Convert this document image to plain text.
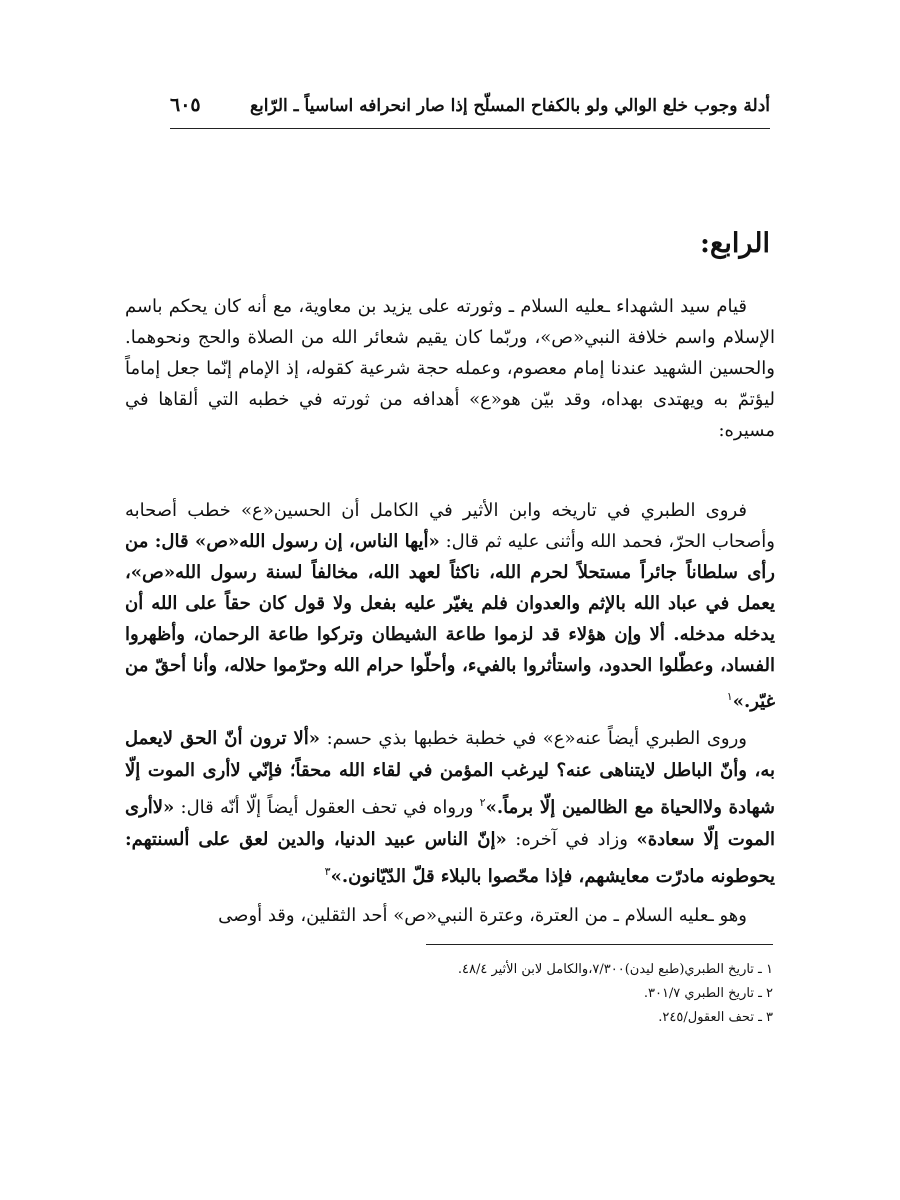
أدلة وجوب خلع الوالي ولو بالكفاح المسلّح إذا صار انحرافه اساسياً ـ الرّابع
٦٠٥
الرابع:
قيام سيد الشهداء ـعليه السلام ـ وثورته على يزيد بن معاوية، مع أنه كان يحكم باسم الإسلام واسم خلافة النبي«ص»، وربّما كان يقيم شعائر الله من الصلاة والحج ونحوهما. والحسين الشهيد عندنا إمام معصوم، وعمله حجة شرعية كقوله، إذ الإمام إنّما جعل إماماً ليؤتمّ به ويهتدى بهداه، وقد بيّن هو«ع» أهدافه من ثورته في خطبه التي ألقاها في مسيره:
فروى الطبري في تاريخه وابن الأثير في الكامل أن الحسين«ع» خطب أصحابه وأصحاب الحرّ، فحمد الله وأثنى عليه ثم قال: «أيها الناس، إن رسول الله«ص» قال: من رأى سلطاناً جائراً مستحلاً لحرم الله، ناكثاً لعهد الله، مخالفاً لسنة رسول الله«ص»، يعمل في عباد الله بالإثم والعدوان فلم يغيّر عليه بفعل ولا قول كان حقاً على الله أن يدخله مدخله. ألا وإن هؤلاء قد لزموا طاعة الشيطان وتركوا طاعة الرحمان، وأظهروا الفساد، وعطّلوا الحدود، واستأثروا بالفيء، وأحلّوا حرام الله وحرّموا حلاله، وأنا أحقّ من غيّر.»$^١$
وروى الطبري أيضاً عنه«ع» في خطبة خطبها بذي حسم: «ألا ترون أنّ الحق لايعمل به، وأنّ الباطل لايتناهى عنه؟ ليرغب المؤمن في لقاء الله محقاً؛ فإنّي لاأرى الموت إلّا شهادة ولاالحياة مع الظالمين إلّا برماً.»$^٢$ ورواه في تحف العقول أيضاً إلّا أنّه قال: «لاأرى الموت إلّا سعادة» وزاد في آخره: «إنّ الناس عبيد الدنيا، والدين لعق على ألسنتهم: يحوطونه مادرّت معايشهم، فإذا محّصوا بالبلاء قلّ الدّيّانون.»$^٣$
وهو ـعليه السلام ـ من العترة، وعترة النبي«ص» أحد الثقلين، وقد أوصى
١ ـ تاريخ الطبري(طبع ليدن)٧/٣٠٠،والكامل لابن الأثير ٤٨/٤.
٢ ـ تاريخ الطبري ٣٠١/٧.
٣ ـ تحف العقول/٢٤٥.
